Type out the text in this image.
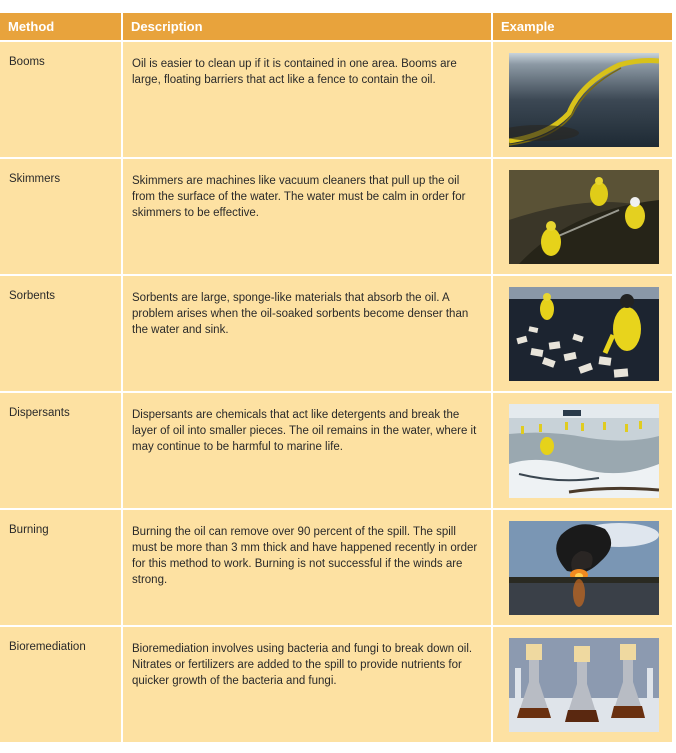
Method	Description	Example
Booms	Oil is easier to clean up if it is contained in one area. Booms are large, floating barriers that act like a fence to contain the oil.
Skimmers	Skimmers are machines like vacuum cleaners that pull up the oil from the surface of the water. The water must be calm in order for skimmers to be effective.
Sorbents	Sorbents are large, sponge-like materials that absorb the oil. A problem arises when the oil-soaked sorbents become denser than the water and sink.
Dispersants	Dispersants are chemicals that act like detergents and break the layer of oil into smaller pieces. The oil remains in the water, where it may continue to be harmful to marine life.
Burning	Burning the oil can remove over 90 percent of the spill. The spill must be more than 3 mm thick and have happened recently in order for this method to work. Burning is not successful if the winds are strong.
Bioremediation	Bioremediation involves using bacteria and fungi to break down oil. Nitrates or fertilizers are added to the spill to provide nutrients for quicker growth of the bacteria and fungi.
